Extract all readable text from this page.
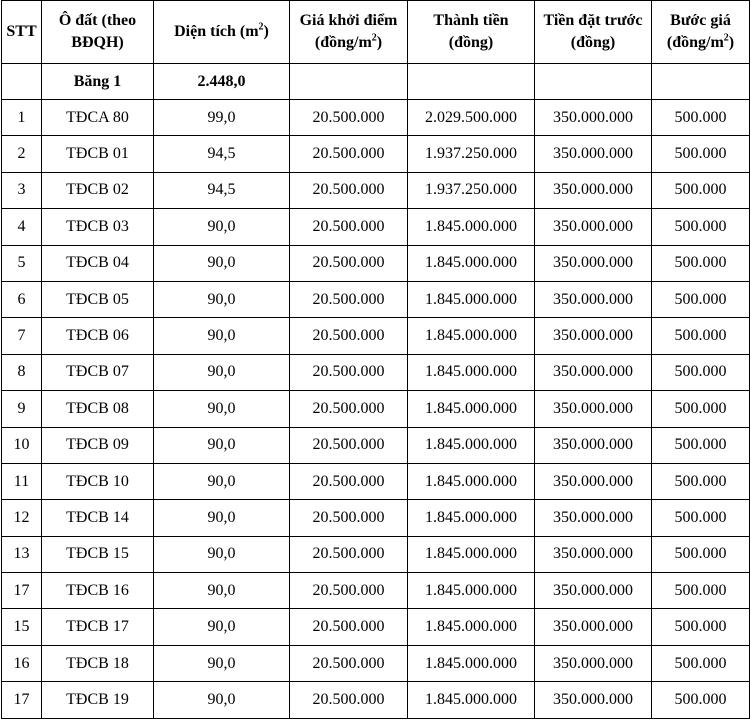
STT	Ô đất (theo BĐQH)	Diện tích $(m^2)$	Giá khởi điểm $(đồng/m^2)$	Thành tiền (đồng)	Tiền đặt trước (đồng)	Bước giá $(đồng/m^2)$
	Băng 1	2.448,0				
1	TĐCA 80	99,0	20.500.000	2.029.500.000	350.000.000	500.000
2	TĐCB 01	94,5	20.500.000	1.937.250.000	350.000.000	500.000
3	TĐCB 02	94,5	20.500.000	1.937.250.000	350.000.000	500.000
4	TĐCB 03	90,0	20.500.000	1.845.000.000	350.000.000	500.000
5	TĐCB 04	90,0	20.500.000	1.845.000.000	350.000.000	500.000
6	TĐCB 05	90,0	20.500.000	1.845.000.000	350.000.000	500.000
7	TĐCB 06	90,0	20.500.000	1.845.000.000	350.000.000	500.000
8	TĐCB 07	90,0	20.500.000	1.845.000.000	350.000.000	500.000
9	TĐCB 08	90,0	20.500.000	1.845.000.000	350.000.000	500.000
10	TĐCB 09	90,0	20.500.000	1.845.000.000	350.000.000	500.000
11	TĐCB 10	90,0	20.500.000	1.845.000.000	350.000.000	500.000
12	TĐCB 14	90,0	20.500.000	1.845.000.000	350.000.000	500.000
13	TĐCB 15	90,0	20.500.000	1.845.000.000	350.000.000	500.000
17	TĐCB 16	90,0	20.500.000	1.845.000.000	350.000.000	500.000
15	TĐCB 17	90,0	20.500.000	1.845.000.000	350.000.000	500.000
16	TĐCB 18	90,0	20.500.000	1.845.000.000	350.000.000	500.000
17	TĐCB 19	90,0	20.500.000	1.845.000.000	350.000.000	500.000
